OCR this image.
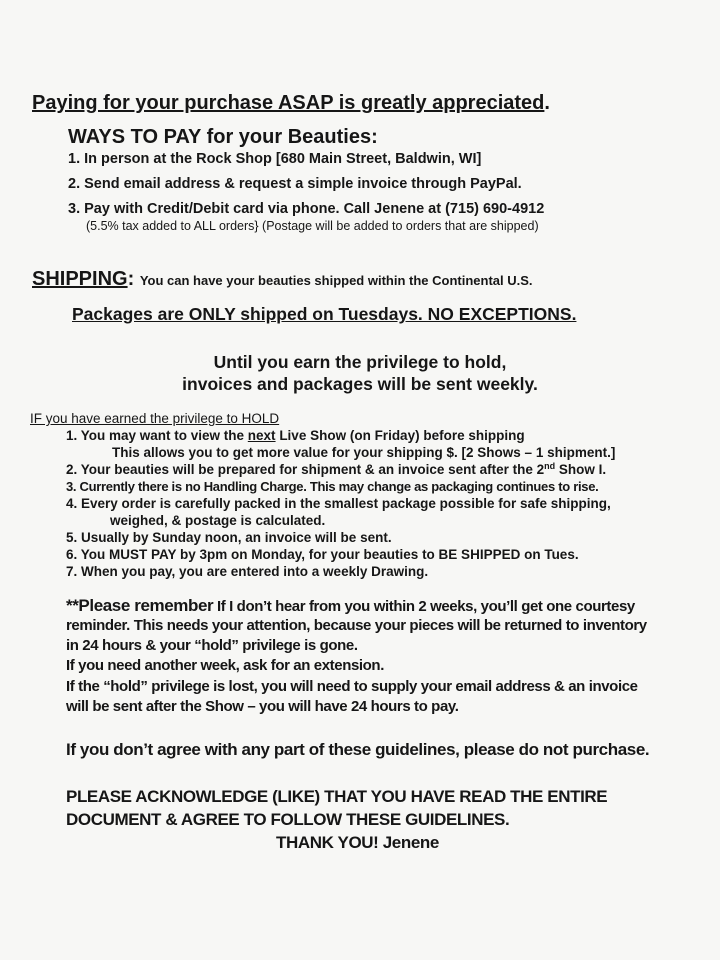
Paying for your purchase ASAP is greatly appreciated.

WAYS TO PAY for your Beauties:

1. In person at the Rock Shop [680 Main Street, Baldwin, WI]

2. Send email address & request a simple invoice through PayPal.

3. Pay with Credit/Debit card via phone. Call Jenene at (715) 690-4912

(5.5% tax added to ALL orders} (Postage will be added to orders that are shipped)

SHIPPING: You can have your beauties shipped within the Continental U.S.

Packages are ONLY shipped on Tuesdays. NO EXCEPTIONS.

Until you earn the privilege to hold,

invoices and packages will be sent weekly.

IF you have earned the privilege to HOLD

1. You may want to view the next Live Show (on Friday) before shipping

This allows you to get more value for your shipping $. [2 Shows – 1 shipment.]

2. Your beauties will be prepared for shipment & an invoice sent after the 2nd Show I.

3. Currently there is no Handling Charge. This may change as packaging continues to rise.

4. Every order is carefully packed in the smallest package possible for safe shipping,

weighed, & postage is calculated.

5. Usually by Sunday noon, an invoice will be sent.

6. You MUST PAY by 3pm on Monday, for your beauties to BE SHIPPED on Tues.

7. When you pay, you are entered into a weekly Drawing.

**Please remember If I don’t hear from you within 2 weeks, you’ll get one courtesy

reminder. This needs your attention, because your pieces will be returned to inventory

in 24 hours & your “hold” privilege is gone.

If you need another week, ask for an extension.

If the “hold” privilege is lost, you will need to supply your email address & an invoice

will be sent after the Show – you will have 24 hours to pay.

If you don’t agree with any part of these guidelines, please do not purchase.

PLEASE ACKNOWLEDGE (LIKE) THAT YOU HAVE READ THE ENTIRE

DOCUMENT & AGREE TO FOLLOW THESE GUIDELINES.

THANK YOU! Jenene
